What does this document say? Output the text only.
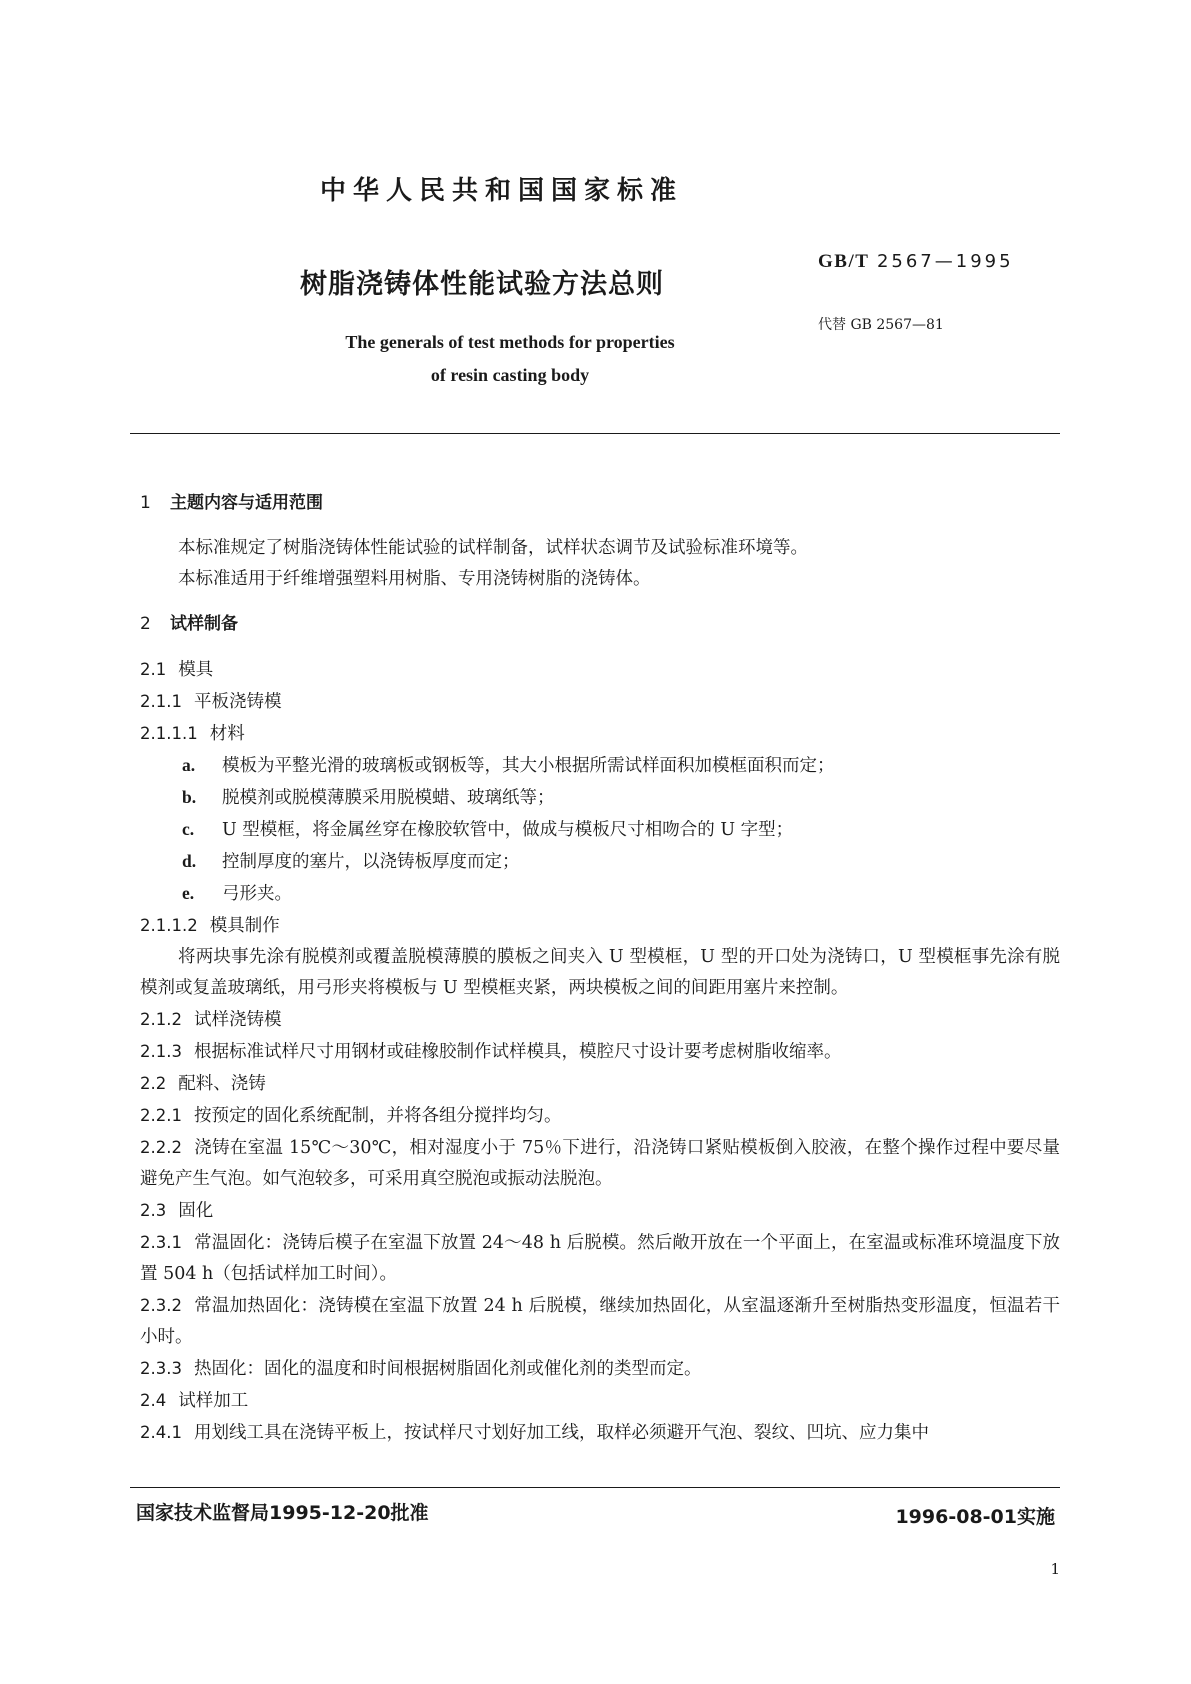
中华人民共和国国家标准
树脂浇铸体性能试验方法总则
GB/T 2567—1995
代替 GB 2567—81
The generals of test methods for properties
of resin casting body

1 主题内容与适用范围

本标准规定了树脂浇铸体性能试验的试样制备，试样状态调节及试验标准环境等。

本标准适用于纤维增强塑料用树脂、专用浇铸树脂的浇铸体。

2 试样制备

2.1 模具

2.1.1 平板浇铸模

2.1.1.1 材料

a. 模板为平整光滑的玻璃板或钢板等，其大小根据所需试样面积加模框面积而定；

b. 脱模剂或脱模薄膜采用脱模蜡、玻璃纸等；

c. U 型模框，将金属丝穿在橡胶软管中，做成与模板尺寸相吻合的 U 字型；

d. 控制厚度的塞片，以浇铸板厚度而定；

e. 弓形夹。

2.1.1.2 模具制作

将两块事先涂有脱模剂或覆盖脱模薄膜的膜板之间夹入 U 型模框，U 型的开口处为浇铸口，U 型模框事先涂有脱模剂或复盖玻璃纸，用弓形夹将模板与 U 型模框夹紧，两块模板之间的间距用塞片来控制。

2.1.2 试样浇铸模

2.1.3 根据标准试样尺寸用钢材或硅橡胶制作试样模具，模腔尺寸设计要考虑树脂收缩率。

2.2 配料、浇铸

2.2.1 按预定的固化系统配制，并将各组分搅拌均匀。

2.2.2 浇铸在室温 15℃～30℃，相对湿度小于 75％下进行，沿浇铸口紧贴模板倒入胶液，在整个操作过程中要尽量避免产生气泡。如气泡较多，可采用真空脱泡或振动法脱泡。

2.3 固化

2.3.1 常温固化：浇铸后模子在室温下放置 24～48 h 后脱模。然后敞开放在一个平面上，在室温或标准环境温度下放置 504 h（包括试样加工时间）。

2.3.2 常温加热固化：浇铸模在室温下放置 24 h 后脱模，继续加热固化，从室温逐渐升至树脂热变形温度，恒温若干小时。

2.3.3 热固化：固化的温度和时间根据树脂固化剂或催化剂的类型而定。

2.4 试样加工

2.4.1 用划线工具在浇铸平板上，按试样尺寸划好加工线，取样必须避开气泡、裂纹、凹坑、应力集中

国家技术监督局1995-12-20批准	1996-08-01实施
1
